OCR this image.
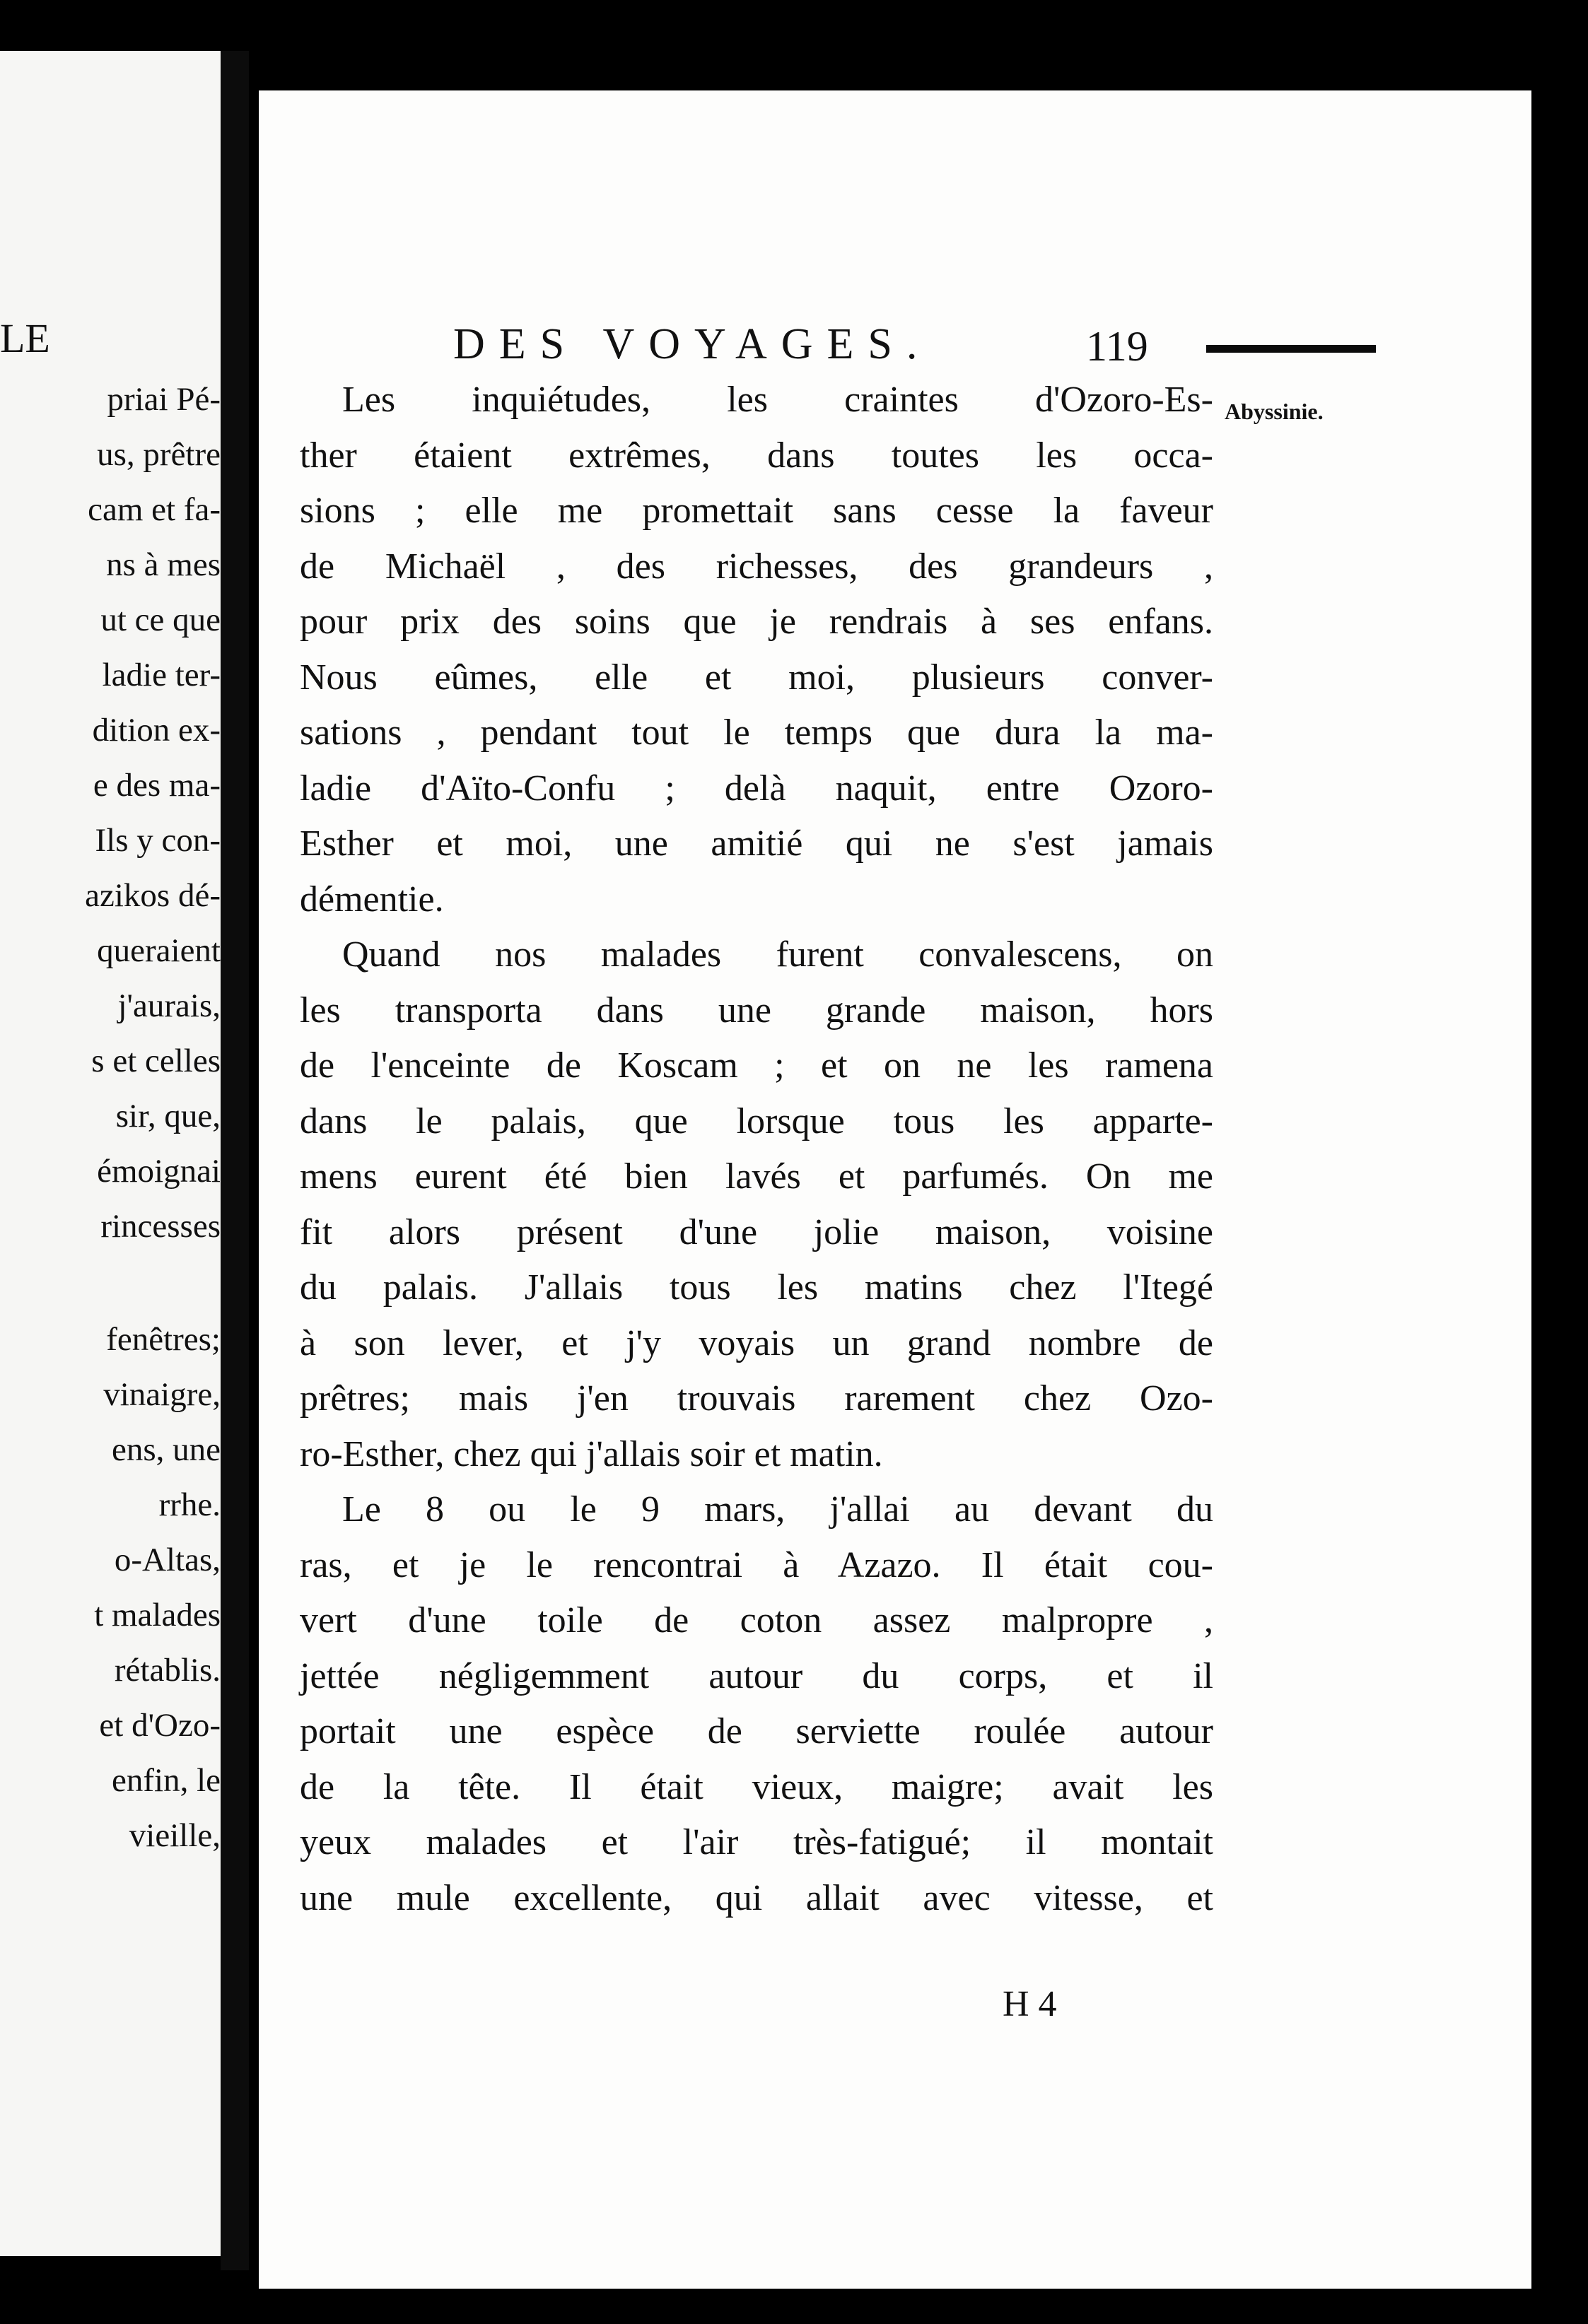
LE
priai Pé-
us, prêtre
cam et fa-
ns à mes
ut ce que
ladie ter-
dition ex-
e des ma-
Ils y con-
azikos dé-
queraient
j'aurais,
s et celles
sir, que,
émoignai
rincesses
fenêtres;
vinaigre,
ens, une
rrhe.
o-Altas,
t malades
rétablis.
et d'Ozo-
enfin, le
vieille,
DES VOYAGES.	119
Abyssinie.
H 4
Les inquiétudes, les craintes d'Ozoro-Es-
ther étaient extrêmes, dans toutes les occa-
sions ; elle me promettait sans cesse la faveur
de Michaël , des richesses, des grandeurs ,
pour prix des soins que je rendrais à ses enfans.
Nous eûmes, elle et moi, plusieurs conver-
sations , pendant tout le temps que dura la ma-
ladie d'Aïto-Confu ; delà naquit, entre Ozoro-
Esther et moi, une amitié qui ne s'est jamais
démentie.
Quand nos malades furent convalescens, on
les transporta dans une grande maison, hors
de l'enceinte de Koscam ; et on ne les ramena
dans le palais, que lorsque tous les apparte-
mens eurent été bien lavés et parfumés. On me
fit alors présent d'une jolie maison, voisine
du palais. J'allais tous les matins chez l'Itegé
à son lever, et j'y voyais un grand nombre de
prêtres; mais j'en trouvais rarement chez Ozo-
ro-Esther, chez qui j'allais soir et matin.
Le 8 ou le 9 mars, j'allai au devant du
ras, et je le rencontrai à Azazo. Il était cou-
vert d'une toile de coton assez malpropre ,
jettée négligemment autour du corps, et il
portait une espèce de serviette roulée autour
de la tête. Il était vieux, maigre; avait les
yeux malades et l'air très-fatigué; il montait
une mule excellente, qui allait avec vitesse, et
